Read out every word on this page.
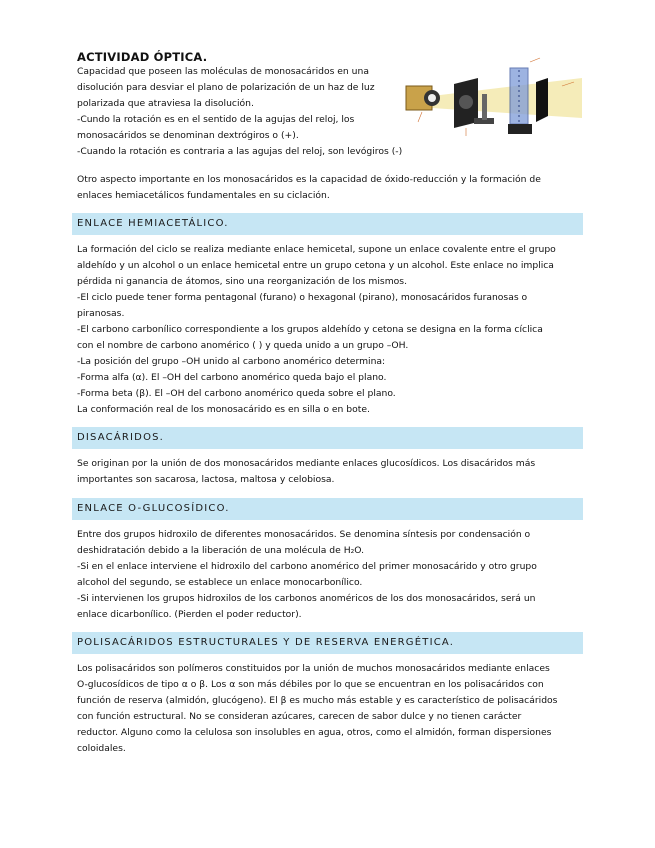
ACTIVIDAD ÓPTICA.
Capacidad que poseen las moléculas de monosacáridos en una
disolución para desviar el plano de polarización de un haz de luz
polarizada que atraviesa la disolución.
-Cundo la rotación es en el sentido de la agujas del reloj, los
monosacáridos se denominan dextrógiros o (+).
-Cuando la rotación es contraria a las agujas del reloj, son levógiros (-)
Otro aspecto importante en los monosacáridos es la capacidad de óxido-reducción y la formación de
enlaces hemiacetálicos fundamentales en su ciclación.
ENLACE HEMIACETÁLICO.
La formación del ciclo se realiza mediante enlace hemicetal, supone un enlace covalente entre el grupo
aldehído y un alcohol o un enlace hemicetal entre un grupo cetona y un alcohol. Este enlace no implica
pérdida ni ganancia de átomos, sino una reorganización de los mismos.
-El ciclo puede tener forma pentagonal (furano) o hexagonal (pirano), monosacáridos furanosas o
piranosas.
-El carbono carbonílico correspondiente a los grupos aldehído y cetona se designa en la forma cíclica
con el nombre de carbono anomérico ( ) y queda unido a un grupo –OH.
-La posición del grupo –OH unido al carbono anomérico determina:
-Forma alfa (α). El –OH del carbono anomérico queda bajo el plano.
-Forma beta (β). El –OH del carbono anomérico queda sobre el plano.
La conformación real de los monosacárido es en silla o en bote.
DISACÁRIDOS.
Se originan por la unión de dos monosacáridos mediante enlaces glucosídicos. Los disacáridos más
importantes son sacarosa, lactosa, maltosa y celobiosa.
ENLACE O-GLUCOSÍDICO.
Entre dos grupos hidroxilo de diferentes monosacáridos. Se denomina síntesis por condensación o
deshidratación debido a la liberación de una molécula de H₂O.
-Si en el enlace interviene el hidroxilo del carbono anomérico del primer monosacárido y otro grupo
alcohol del segundo, se establece un enlace monocarbonílico.
-Si intervienen los grupos hidroxilos de los carbonos anoméricos de los dos monosacáridos, será un
enlace dicarbonílico. (Pierden el poder reductor).
POLISACÁRIDOS ESTRUCTURALES Y DE RESERVA ENERGÉTICA.
Los polisacáridos son polímeros constituidos por la unión de muchos monosacáridos mediante enlaces
O-glucosídicos de tipo α o β. Los α son más débiles por lo que se encuentran en los polisacáridos con
función de reserva (almidón, glucógeno). El β es mucho más estable y es característico de polisacáridos
con función estructural. No se consideran azúcares, carecen de sabor dulce y no tienen carácter
reductor. Alguno como la celulosa son insolubles en agua, otros, como el almidón, forman dispersiones
coloidales.
